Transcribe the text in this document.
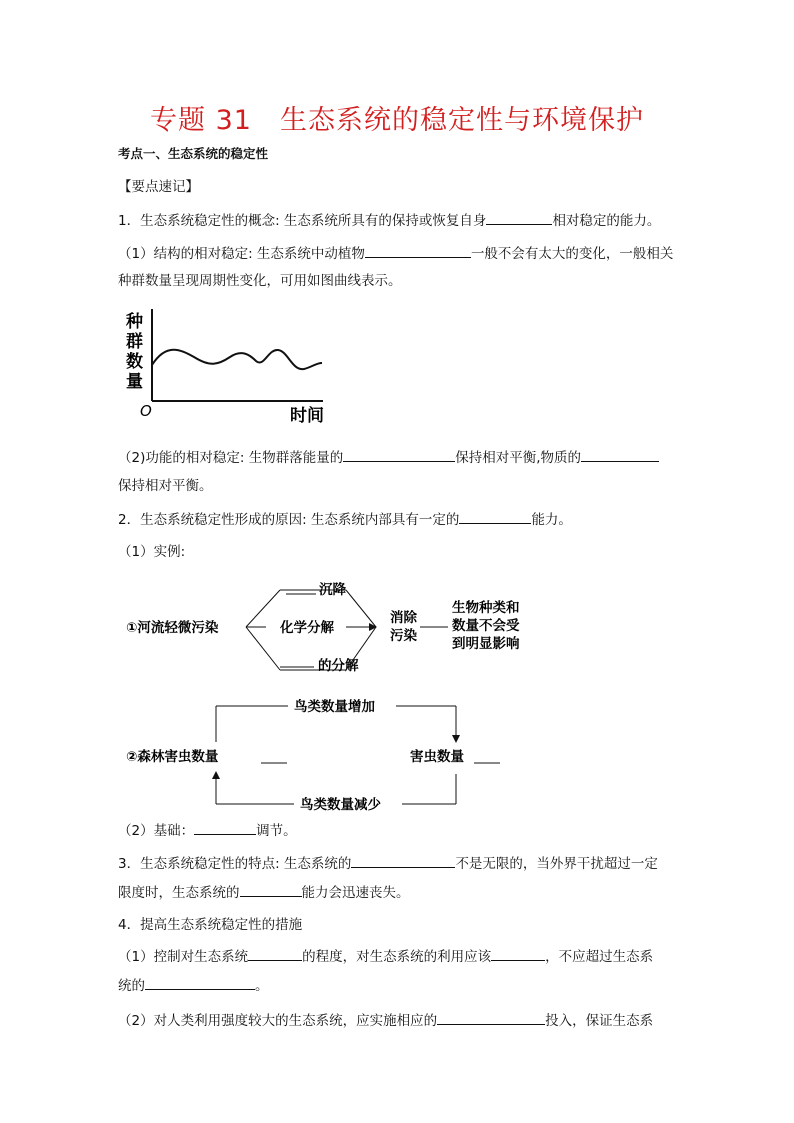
专题 31　生态系统的稳定性与环境保护
考点一、生态系统的稳定性
【要点速记】
1．生态系统稳定性的概念: 生态系统所具有的保持或恢复自身	相对稳定的能力。
（1）结构的相对稳定: 生态系统中动植物	一般不会有太大的变化，一般相关
种群数量呈现周期性变化，可用如图曲线表示。
种
群
数
量
O	时间
（2)功能的相对稳定: 生物群落能量的	保持相对平衡,物质的
保持相对平衡。
2．生态系统稳定性形成的原因: 生态系统内部具有一定的	能力。
（1）实例:
①河流轻微污染
沉降
化学分解
的分解
消除
污染
生物种类和
数量不会受
到明显影响
鸟类数量增加
②森林害虫数量	害虫数量
鸟类数量减少
（2）基础：	调节。
3．生态系统稳定性的特点: 生态系统的	不是无限的，当外界干扰超过一定
限度时，生态系统的	能力会迅速丧失。
4．提高生态系统稳定性的措施
（1）控制对生态系统	的程度，对生态系统的利用应该	，不应超过生态系
统的	。
（2）对人类利用强度较大的生态系统，应实施相应的	投入，保证生态系
